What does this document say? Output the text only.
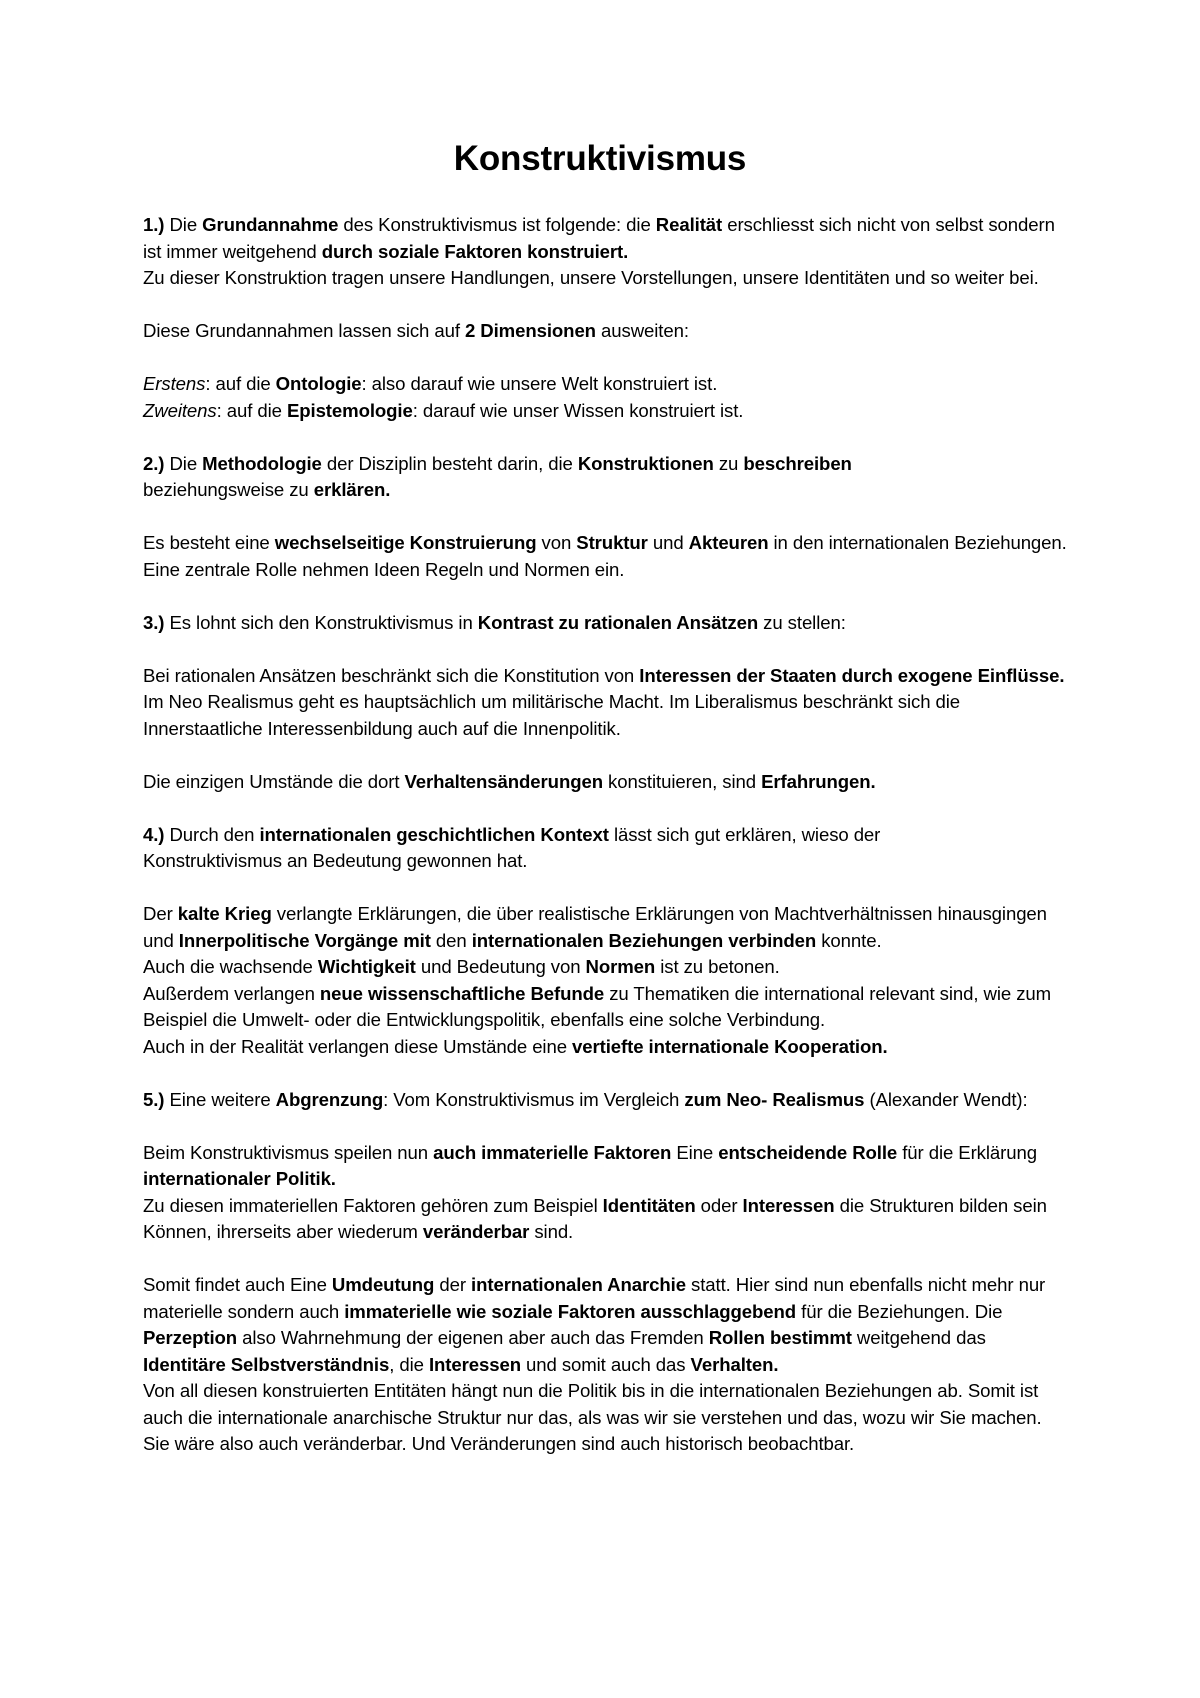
Konstruktivismus

1.) Die Grundannahme des Konstruktivismus ist folgende: die Realität erschliesst sich nicht von selbst sondern ist immer weitgehend durch soziale Faktoren konstruiert.
Zu dieser Konstruktion tragen unsere Handlungen, unsere Vorstellungen, unsere Identitäten und so weiter bei.

Diese Grundannahmen lassen sich auf 2 Dimensionen ausweiten:

Erstens: auf die Ontologie: also darauf wie unsere Welt konstruiert ist.
Zweitens: auf die Epistemologie: darauf wie unser Wissen konstruiert ist.

2.) Die Methodologie der Disziplin besteht darin, die Konstruktionen zu beschreiben
beziehungsweise zu erklären.

Es besteht eine wechselseitige Konstruierung von Struktur und Akteuren in den internationalen Beziehungen.
Eine zentrale Rolle nehmen Ideen Regeln und Normen ein.

3.) Es lohnt sich den Konstruktivismus in Kontrast zu rationalen Ansätzen zu stellen:

Bei rationalen Ansätzen beschränkt sich die Konstitution von Interessen der Staaten durch exogene Einflüsse. Im Neo Realismus geht es hauptsächlich um militärische Macht. Im Liberalismus beschränkt sich die Innerstaatliche Interessenbildung auch auf die Innenpolitik.

Die einzigen Umstände die dort Verhaltensänderungen konstituieren, sind Erfahrungen.

4.) Durch den internationalen geschichtlichen Kontext lässt sich gut erklären, wieso der
Konstruktivismus an Bedeutung gewonnen hat.

Der kalte Krieg verlangte Erklärungen, die über realistische Erklärungen von Machtverhältnissen hinausgingen und Innerpolitische Vorgänge mit den internationalen Beziehungen verbinden konnte.
Auch die wachsende Wichtigkeit und Bedeutung von Normen ist zu betonen.
Außerdem verlangen neue wissenschaftliche Befunde zu Thematiken die international relevant sind, wie zum Beispiel die Umwelt- oder die Entwicklungspolitik, ebenfalls eine solche Verbindung.
Auch in der Realität verlangen diese Umstände eine vertiefte internationale Kooperation.

5.) Eine weitere Abgrenzung: Vom Konstruktivismus im Vergleich zum Neo- Realismus (Alexander Wendt):

Beim Konstruktivismus speilen nun auch immaterielle Faktoren Eine entscheidende Rolle für die Erklärung internationaler Politik.
Zu diesen immateriellen Faktoren gehören zum Beispiel Identitäten oder Interessen die Strukturen bilden sein Können, ihrerseits aber wiederum veränderbar sind.

Somit findet auch Eine Umdeutung der internationalen Anarchie statt. Hier sind nun ebenfalls nicht mehr nur materielle sondern auch immaterielle wie soziale Faktoren ausschlaggebend für die Beziehungen. Die Perzeption also Wahrnehmung der eigenen aber auch das Fremden Rollen bestimmt weitgehend das Identitäre Selbstverständnis, die Interessen und somit auch das Verhalten.
Von all diesen konstruierten Entitäten hängt nun die Politik bis in die internationalen Beziehungen ab. Somit ist auch die internationale anarchische Struktur nur das, als was wir sie verstehen und das, wozu wir Sie machen. Sie wäre also auch veränderbar. Und Veränderungen sind auch historisch beobachtbar.
